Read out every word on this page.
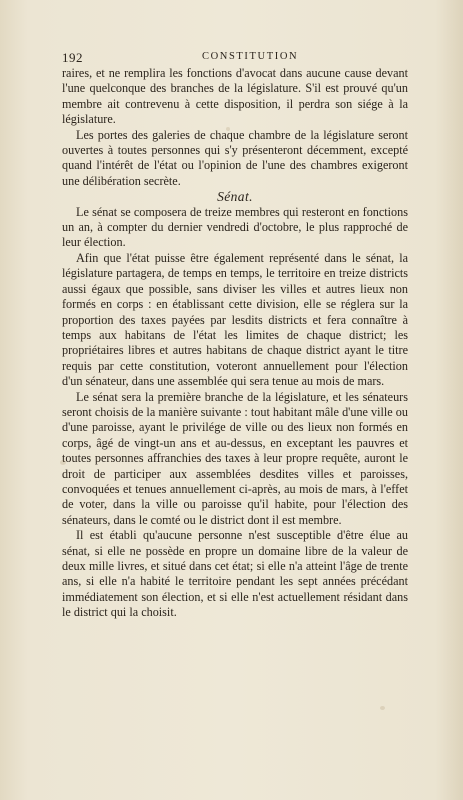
192	CONSTITUTION

raires, et ne remplira les fonctions d'avocat dans aucune cause devant l'une quelconque des branches de la législature. S'il est prouvé qu'un membre ait contrevenu à cette disposition, il perdra son siége à la législature.

Les portes des galeries de chaque chambre de la législature seront ouvertes à toutes personnes qui s'y présenteront décemment, excepté quand l'intérêt de l'état ou l'opinion de l'une des chambres exigeront une délibération secrète.

Sénat.

Le sénat se composera de treize membres qui resteront en fonctions un an, à compter du dernier vendredi d'octobre, le plus rapproché de leur élection.

Afin que l'état puisse être également représenté dans le sénat, la législature partagera, de temps en temps, le territoire en treize districts aussi égaux que possible, sans diviser les villes et autres lieux non formés en corps : en établissant cette division, elle se réglera sur la proportion des taxes payées par lesdits districts et fera connaître à temps aux habitans de l'état les limites de chaque district; les propriétaires libres et autres habitans de chaque district ayant le titre requis par cette constitution, voteront annuellement pour l'élection d'un sénateur, dans une assemblée qui sera tenue au mois de mars.

Le sénat sera la première branche de la législature, et les sénateurs seront choisis de la manière suivante : tout habitant mâle d'une ville ou d'une paroisse, ayant le privilége de ville ou des lieux non formés en corps, âgé de vingt-un ans et au-dessus, en exceptant les pauvres et toutes personnes affranchies des taxes à leur propre requête, auront le droit de participer aux assemblées desdites villes et paroisses, convoquées et tenues annuellement ci-après, au mois de mars, à l'effet de voter, dans la ville ou paroisse qu'il habite, pour l'élection des sénateurs, dans le comté ou le district dont il est membre.

Il est établi qu'aucune personne n'est susceptible d'être élue au sénat, si elle ne possède en propre un domaine libre de la valeur de deux mille livres, et situé dans cet état; si elle n'a atteint l'âge de trente ans, si elle n'a habité le territoire pendant les sept années précédant immédiatement son élection, et si elle n'est actuellement résidant dans le district qui la choisit.
